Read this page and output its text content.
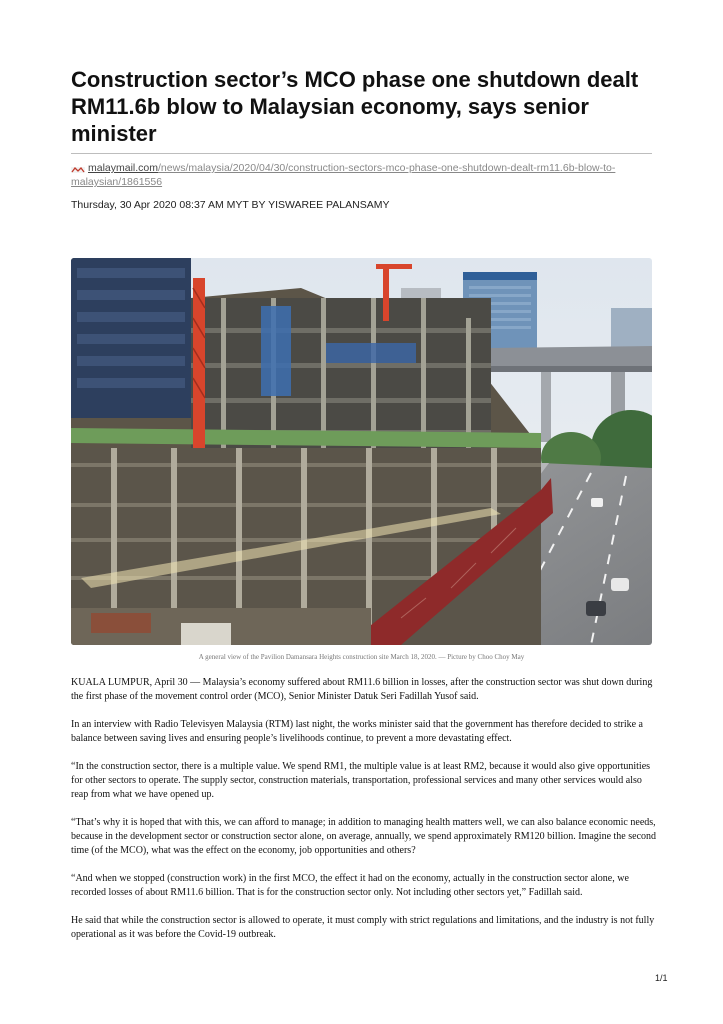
Construction sector’s MCO phase one shutdown dealt RM11.6b blow to Malaysian economy, says senior minister
malaymail.com/news/malaysia/2020/04/30/construction-sectors-mco-phase-one-shutdown-dealt-rm11.6b-blow-to-malaysian/1861556
Thursday, 30 Apr 2020 08:37 AM MYT BY YISWAREE PALANSAMY
A general view of the Pavilion Damansara Heights construction site March 18, 2020. — Picture by Choo Choy May

KUALA LUMPUR, April 30 — Malaysia’s economy suffered about RM11.6 billion in losses, after the construction sector was shut down during the first phase of the movement control order (MCO), Senior Minister Datuk Seri Fadillah Yusof said.

In an interview with Radio Televisyen Malaysia (RTM) last night, the works minister said that the government has therefore decided to strike a balance between saving lives and ensuring people’s livelihoods continue, to prevent a more devastating effect.

“In the construction sector, there is a multiple value. We spend RM1, the multiple value is at least RM2, because it would also give opportunities for other sectors to operate. The supply sector, construction materials, transportation, professional services and many other services would also reap from what we have opened up.

“That’s why it is hoped that with this, we can afford to manage; in addition to managing health matters well, we can also balance economic needs, because in the development sector or construction sector alone, on average, annually, we spend approximately RM120 billion. Imagine the second time (of the MCO), what was the effect on the economy, job opportunities and others?

“And when we stopped (construction work) in the first MCO, the effect it had on the economy, actually in the construction sector alone, we recorded losses of about RM11.6 billion. That is for the construction sector only. Not including other sectors yet,” Fadillah said.

He said that while the construction sector is allowed to operate, it must comply with strict regulations and limitations, and the industry is not fully operational as it was before the Covid-19 outbreak.

1/1
